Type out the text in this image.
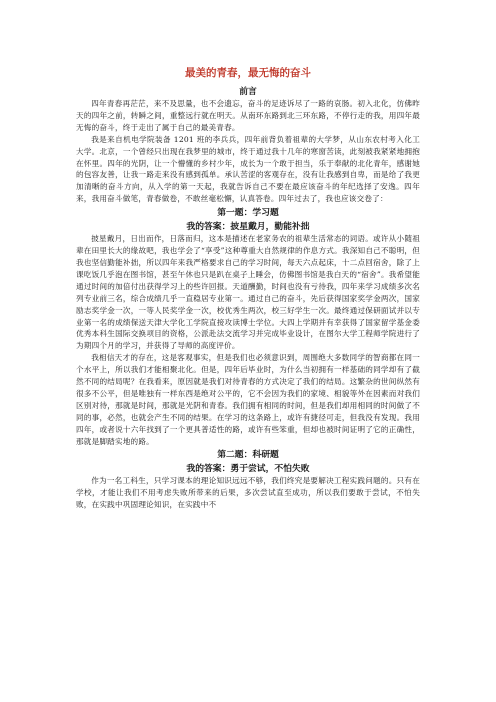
最美的青春，最无悔的奋斗
前言

四年青春再茫茫，来不及思量，也不会遗忘，奋斗的足迹诉尽了一路的哀肠。初入北化，仿佛昨天的四年之前，转瞬之间，重整远行就在明天。从南环东路到北三环东路，不停行走的我，用四年最无悔的奋斗，终于走出了属于自己的最美青春。

我是来自机电学院装备 1201 班的李兵兵，四年前背负着祖辈的大学梦，从山东农村考入化工大学。北京，一个曾经只出现在我梦里的城市，终于通过我十几年的寒窗苦读，此刻被我紧紧地拥抱在怀里。四年的光阴，让一个懵懂的乡村少年，成长为一个敢于担当，乐于奉献的北化青年，感谢她的包容友善，让我一路走来没有感到孤单。承认苦涩的客观存在，没有让我感到自卑，而是给了我更加清晰的奋斗方向，从入学的第一天起，我就告诉自己不要在最应该奋斗的年纪选择了安逸。四年来，我用奋斗做笔，青春做卷，不敢丝毫松懈，认真答卷。四年过去了，我也应该交卷了：

第一题：学习题
我的答案：披星戴月，勤能补拙

披星戴月，日出而作，日落而归，这本是描述在老家务农的祖辈生活常态的词语。或许从小随祖辈在田里长大的缘故吧，我也学会了“享受”这种尊重大自然规律的作息方式。我深知自己不聪明，但我也坚信勤能补拙，所以四年来我严格要求自己的学习时间，每天六点起床，十二点回宿舍，除了上课吃饭几乎泡在图书馆，甚至午休也只是趴在桌子上睡会，仿佛图书馆是我白天的“宿舍”。我希望能通过时间的加倍付出获得学习上的些许回报。天道酬勤，时间也没有亏待我，四年来学习成绩多次名列专业前三名，综合成绩几乎一直稳居专业第一。通过自己的奋斗，先后获得国家奖学金两次，国家励志奖学金一次，一等人民奖学金一次，校优秀生两次，校三好学生一次。最终通过保研面试并以专业第一名的成绩保送天津大学化工学院直接攻读博士学位。大四上学期并有幸获得了国家留学基金委优秀本科生国际交换项目的资格，公派赴法交流学习并完成毕业设计，在图尔大学工程师学院进行了为期四个月的学习，并获得了导师的高度评价。

我相信天才的存在，这是客观事实，但是我们也必须意识到，周围绝大多数同学的智商都在同一个水平上，所以我们才能相聚北化。但是，四年后毕业时，为什么当初拥有一样基础的同学却有了截然不同的结局呢？在我看来，原因就是我们对待青春的方式决定了我们的结局。这繁杂的世间纵然有很多不公平，但是唯独有一样东西是绝对公平的，它不会因为我们的家境、相貌等外在因素而对我们区别对待，那就是时间，那就是光阴和青春。我们拥有相同的时间，但是我们却用相同的时间做了不同的事，必然，也就会产生不同的结果。在学习的这条路上，或许有捷径可走，但我没有发现。我用四年，或者说十六年找到了一个更具普适性的路，或许有些笨重，但却也被时间证明了它的正确性，那就是脚踏实地的路。

第二题：科研题
我的答案：勇于尝试，不怕失败

作为一名工科生，只学习课本的理论知识远远不够，我们终究是要解决工程实践问题的。只有在学校，才能让我们不用考虑失败所带来的后果，多次尝试直至成功，所以我们要敢于尝试，不怕失败，在实践中巩固理论知识，在实践中不
